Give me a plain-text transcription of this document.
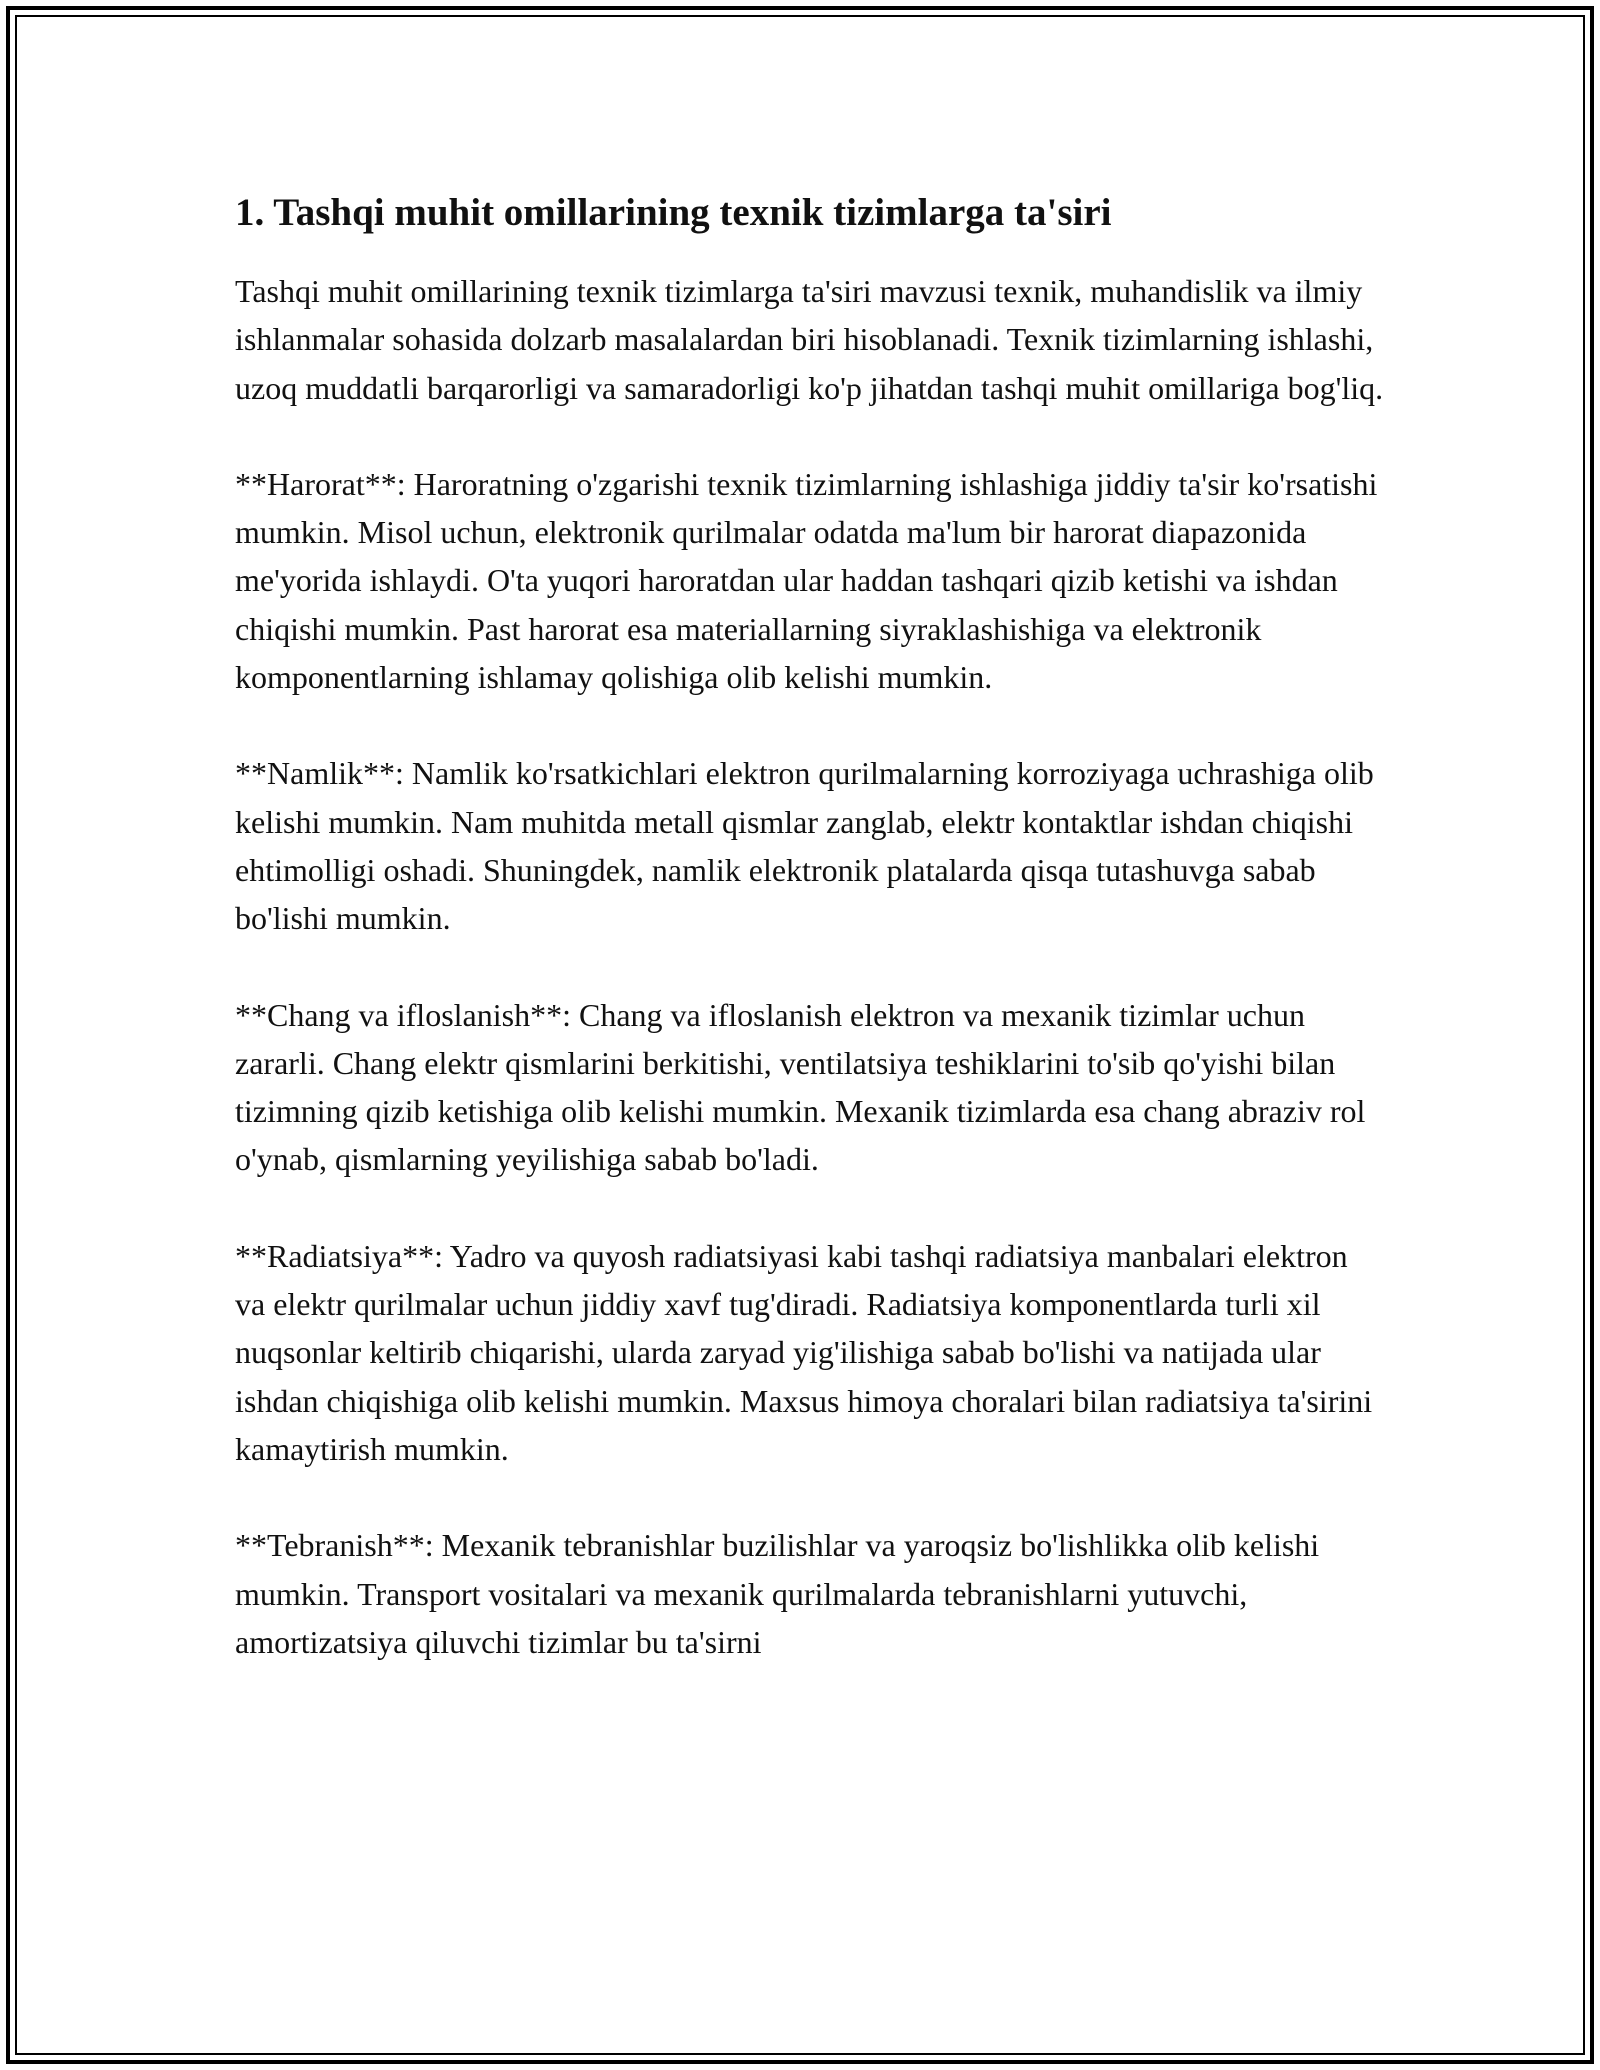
1. Tashqi muhit omillarining texnik tizimlarga ta'siri

Tashqi muhit omillarining texnik tizimlarga ta'siri mavzusi texnik, muhandislik va ilmiy ishlanmalar sohasida dolzarb masalalardan biri hisoblanadi. Texnik tizimlarning ishlashi, uzoq muddatli barqarorligi va samaradorligi ko'p jihatdan tashqi muhit omillariga bog'liq.

**Harorat**: Haroratning o'zgarishi texnik tizimlarning ishlashiga jiddiy ta'sir ko'rsatishi mumkin. Misol uchun, elektronik qurilmalar odatda ma'lum bir harorat diapazonida me'yorida ishlaydi. O'ta yuqori haroratdan ular haddan tashqari qizib ketishi va ishdan chiqishi mumkin. Past harorat esa materiallarning siyraklashishiga va elektronik komponentlarning ishlamay qolishiga olib kelishi mumkin.

**Namlik**: Namlik ko'rsatkichlari elektron qurilmalarning korroziyaga uchrashiga olib kelishi mumkin. Nam muhitda metall qismlar zanglab, elektr kontaktlar ishdan chiqishi ehtimolligi oshadi. Shuningdek, namlik elektronik platalarda qisqa tutashuvga sabab bo'lishi mumkin.

**Chang va ifloslanish**: Chang va ifloslanish elektron va mexanik tizimlar uchun zararli. Chang elektr qismlarini berkitishi, ventilatsiya teshiklarini to'sib qo'yishi bilan tizimning qizib ketishiga olib kelishi mumkin. Mexanik tizimlarda esa chang abraziv rol o'ynab, qismlarning yeyilishiga sabab bo'ladi.

**Radiatsiya**: Yadro va quyosh radiatsiyasi kabi tashqi radiatsiya manbalari elektron va elektr qurilmalar uchun jiddiy xavf tug'diradi. Radiatsiya komponentlarda turli xil nuqsonlar keltirib chiqarishi, ularda zaryad yig'ilishiga sabab bo'lishi va natijada ular ishdan chiqishiga olib kelishi mumkin. Maxsus himoya choralari bilan radiatsiya ta'sirini kamaytirish mumkin.

**Tebranish**: Mexanik tebranishlar buzilishlar va yaroqsiz bo'lishlikka olib kelishi mumkin. Transport vositalari va mexanik qurilmalarda tebranishlarni yutuvchi, amortizatsiya qiluvchi tizimlar bu ta'sirni
